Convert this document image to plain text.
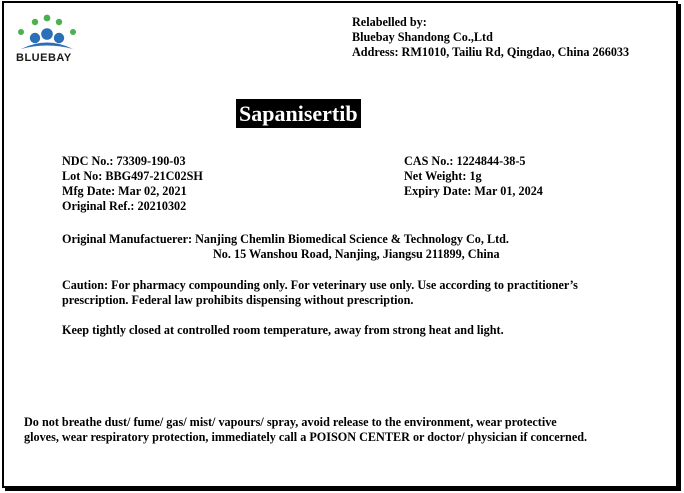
BLUEBAY
Relabelled by:
Bluebay Shandong Co.,Ltd
Address: RM1010, Tailiu Rd, Qingdao, China 266033
Sapanisertib
NDC No.: 73309-190-03
Lot No: BBG497-21C02SH
Mfg Date: Mar 02, 2021
Original Ref.: 20210302
CAS No.: 1224844-38-5
Net Weight: 1g
Expiry Date: Mar 01, 2024
Original Manufactuerer: Nanjing Chemlin Biomedical Science & Technology Co, Ltd.
No. 15 Wanshou Road, Nanjing, Jiangsu 211899, China
Caution: For pharmacy compounding only. For veterinary use only. Use according to practitioner’s
prescription. Federal law prohibits dispensing without prescription.
Keep tightly closed at controlled room temperature, away from strong heat and light.
Do not breathe dust/ fume/ gas/ mist/ vapours/ spray, avoid release to the environment, wear protective
gloves, wear respiratory protection, immediately call a POISON CENTER or doctor/ physician if concerned.
